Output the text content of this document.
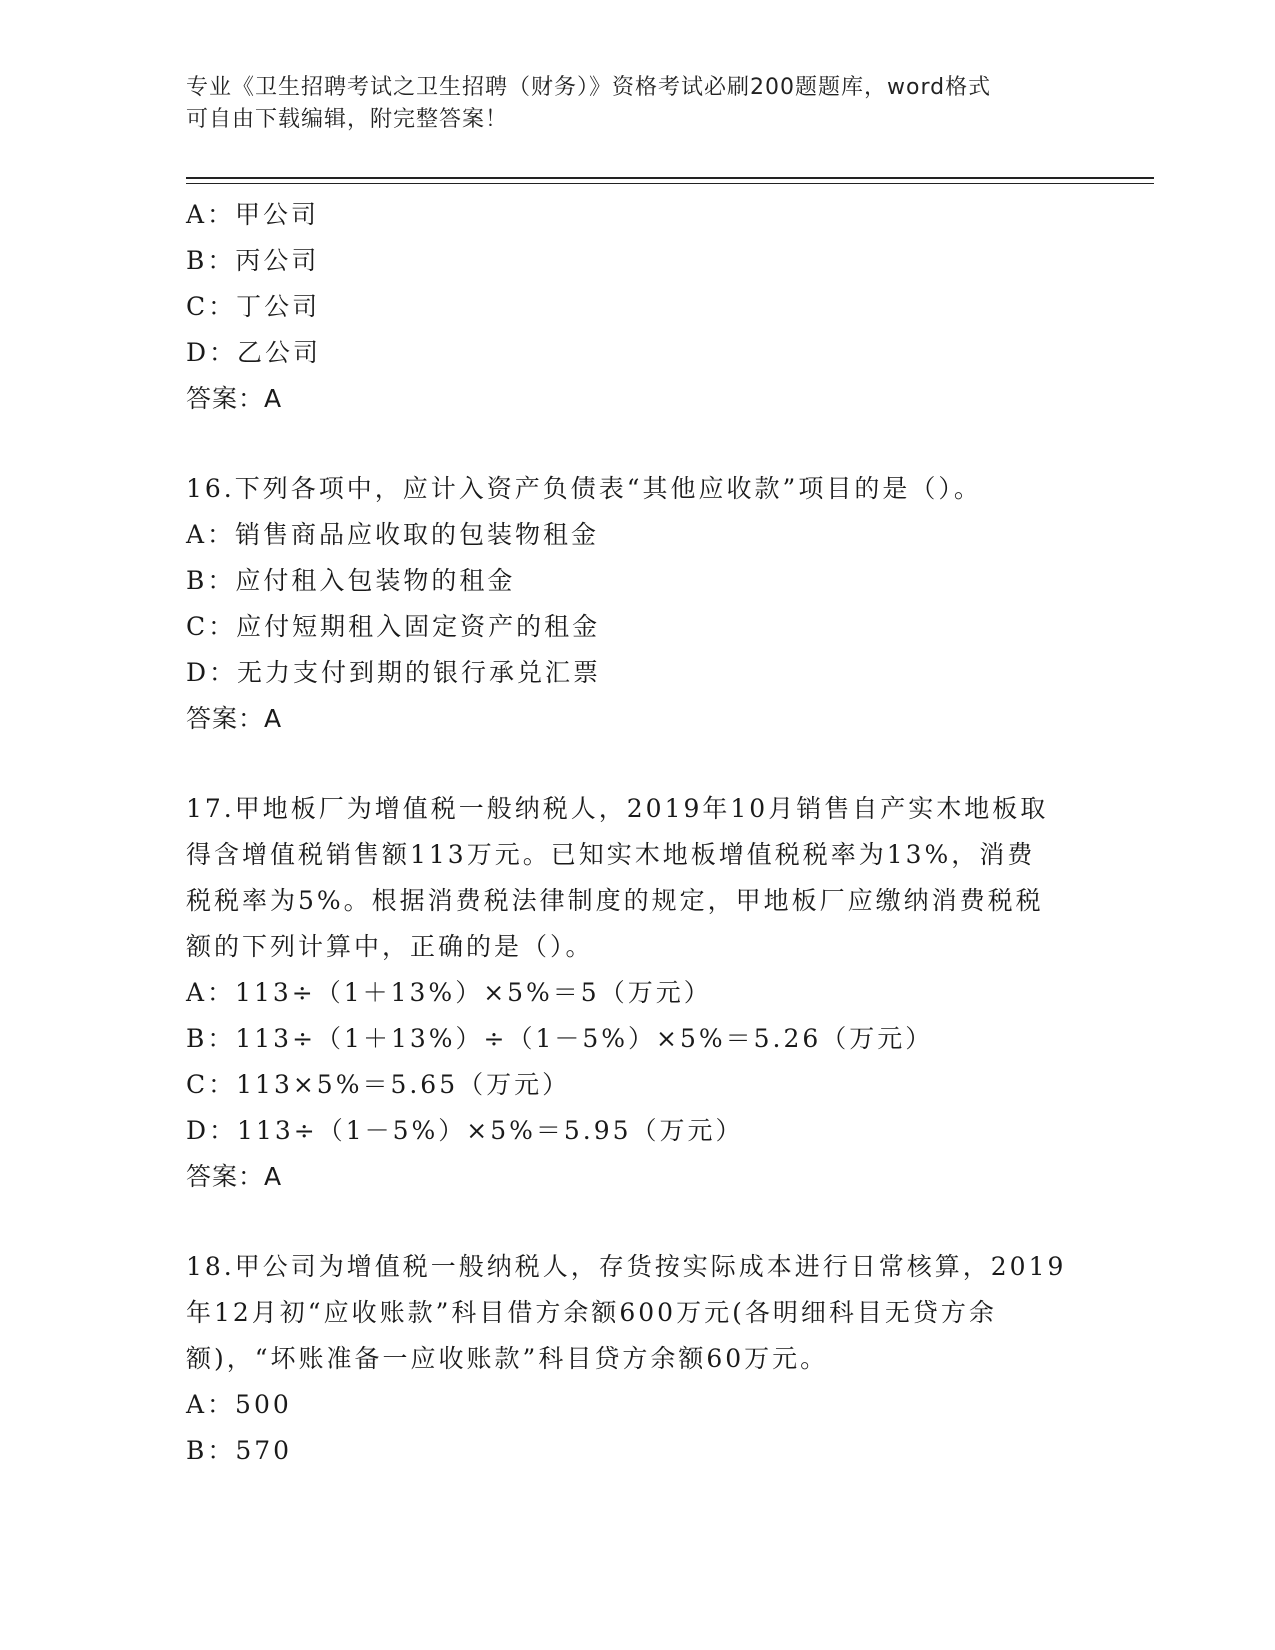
专业《卫生招聘考试之卫生招聘（财务）》资格考试必刷200题题库，word格式
可自由下载编辑，附完整答案！
A：甲公司
B：丙公司
C：丁公司
D：乙公司
答案：A
16.下列各项中，应计入资产负债表“其他应收款”项目的是（）。
A：销售商品应收取的包装物租金
B：应付租入包装物的租金
C：应付短期租入固定资产的租金
D：无力支付到期的银行承兑汇票
答案：A
17.甲地板厂为增值税一般纳税人，2019年10月销售自产实木地板取
得含增值税销售额113万元。已知实木地板增值税税率为13%，消费
税税率为5%。根据消费税法律制度的规定，甲地板厂应缴纳消费税税
额的下列计算中，正确的是（）。
A：113÷（1＋13%）×5%＝5（万元）
B：113÷（1＋13%）÷（1－5%）×5%＝5.26（万元）
C：113×5%＝5.65（万元）
D：113÷（1－5%）×5%＝5.95（万元）
答案：A
18.甲公司为增值税一般纳税人，存货按实际成本进行日常核算，2019
年12月初“应收账款”科目借方余额600万元(各明细科目无贷方余
额)，“坏账准备一应收账款”科目贷方余额60万元。
A：500
B：570
